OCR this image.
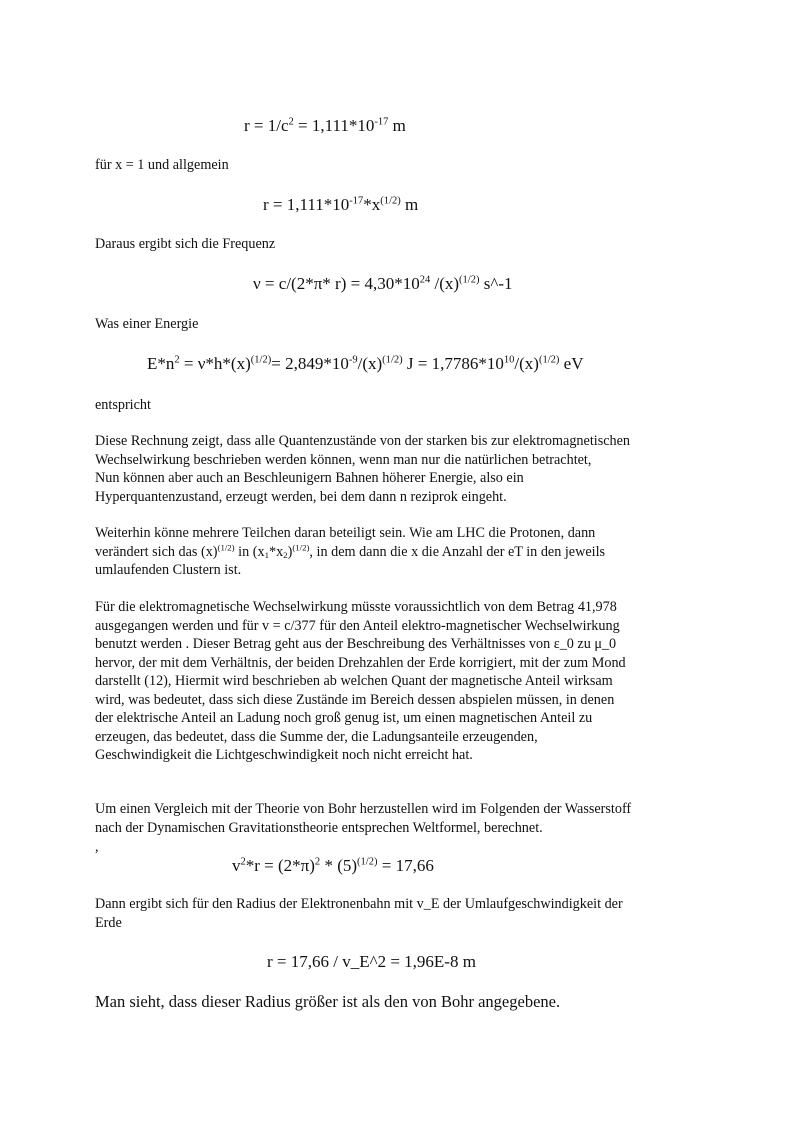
$r = 1/c^2 = 1,111*10^{-17}$ m
für x = 1 und allgemein
$r = 1,111*10^{-17}*x^{(1/2)}$ m
Daraus ergibt sich die Frequenz
ν = c/(2*π* $r) = 4,30*10^{24}$ $/(x)^{(1/2)}$ s^-1
Was einer Energie
$E*n^2 = \nu*h*(x)^{(1/2)}= 2,849*10^{-9}/(x)^{(1/2)}$ $J = 1,7786*10^{10}/(x)^{(1/2)}$ eV
entspricht
Diese Rechnung zeigt, dass alle Quantenzustände von der starken bis zur elektromagnetischen
Wechselwirkung beschrieben werden können, wenn man nur die natürlichen betrachtet,
Nun können aber auch an Beschleunigern Bahnen höherer Energie, also ein
Hyperquantenzustand, erzeugt werden, bei dem dann n reziprok eingeht.
Weiterhin könne mehrere Teilchen daran beteiligt sein. Wie am LHC die Protonen, dann
verändert sich das $(x)^{(1/2)}$ in $(x_1*x_2)^{(1/2)}$, in dem dann die x die Anzahl der eT in den jeweils
umlaufenden Clustern ist.
Für die elektromagnetische Wechselwirkung müsste voraussichtlich von dem Betrag 41,978
ausgegangen werden und für v = c/377 für den Anteil elektro-magnetischer Wechselwirkung
benutzt werden . Dieser Betrag geht aus der Beschreibung des Verhältnisses von ε_0 zu μ_0
hervor, der mit dem Verhältnis, der beiden Drehzahlen der Erde korrigiert, mit der zum Mond
darstellt (12), Hiermit wird beschrieben ab welchen Quant der magnetische Anteil wirksam
wird, was bedeutet, dass sich diese Zustände im Bereich dessen abspielen müssen, in denen
der elektrische Anteil an Ladung noch groß genug ist, um einen magnetischen Anteil zu
erzeugen, das bedeutet, dass die Summe der, die Ladungsanteile erzeugenden,
Geschwindigkeit die Lichtgeschwindigkeit noch nicht erreicht hat.
Um einen Vergleich mit der Theorie von Bohr herzustellen wird im Folgenden der Wasserstoff
nach der Dynamischen Gravitationstheorie entsprechen Weltformel, berechnet.
,
$v^2*r = (2*\pi)^2 * (5)^{(1/2)} = 17,66$
Dann ergibt sich für den Radius der Elektronenbahn mit v_E der Umlaufgeschwindigkeit der
Erde
r = 17,66 / v_E^2 = 1,96E-8 m
Man sieht, dass dieser Radius größer ist als den von Bohr angegebene.
